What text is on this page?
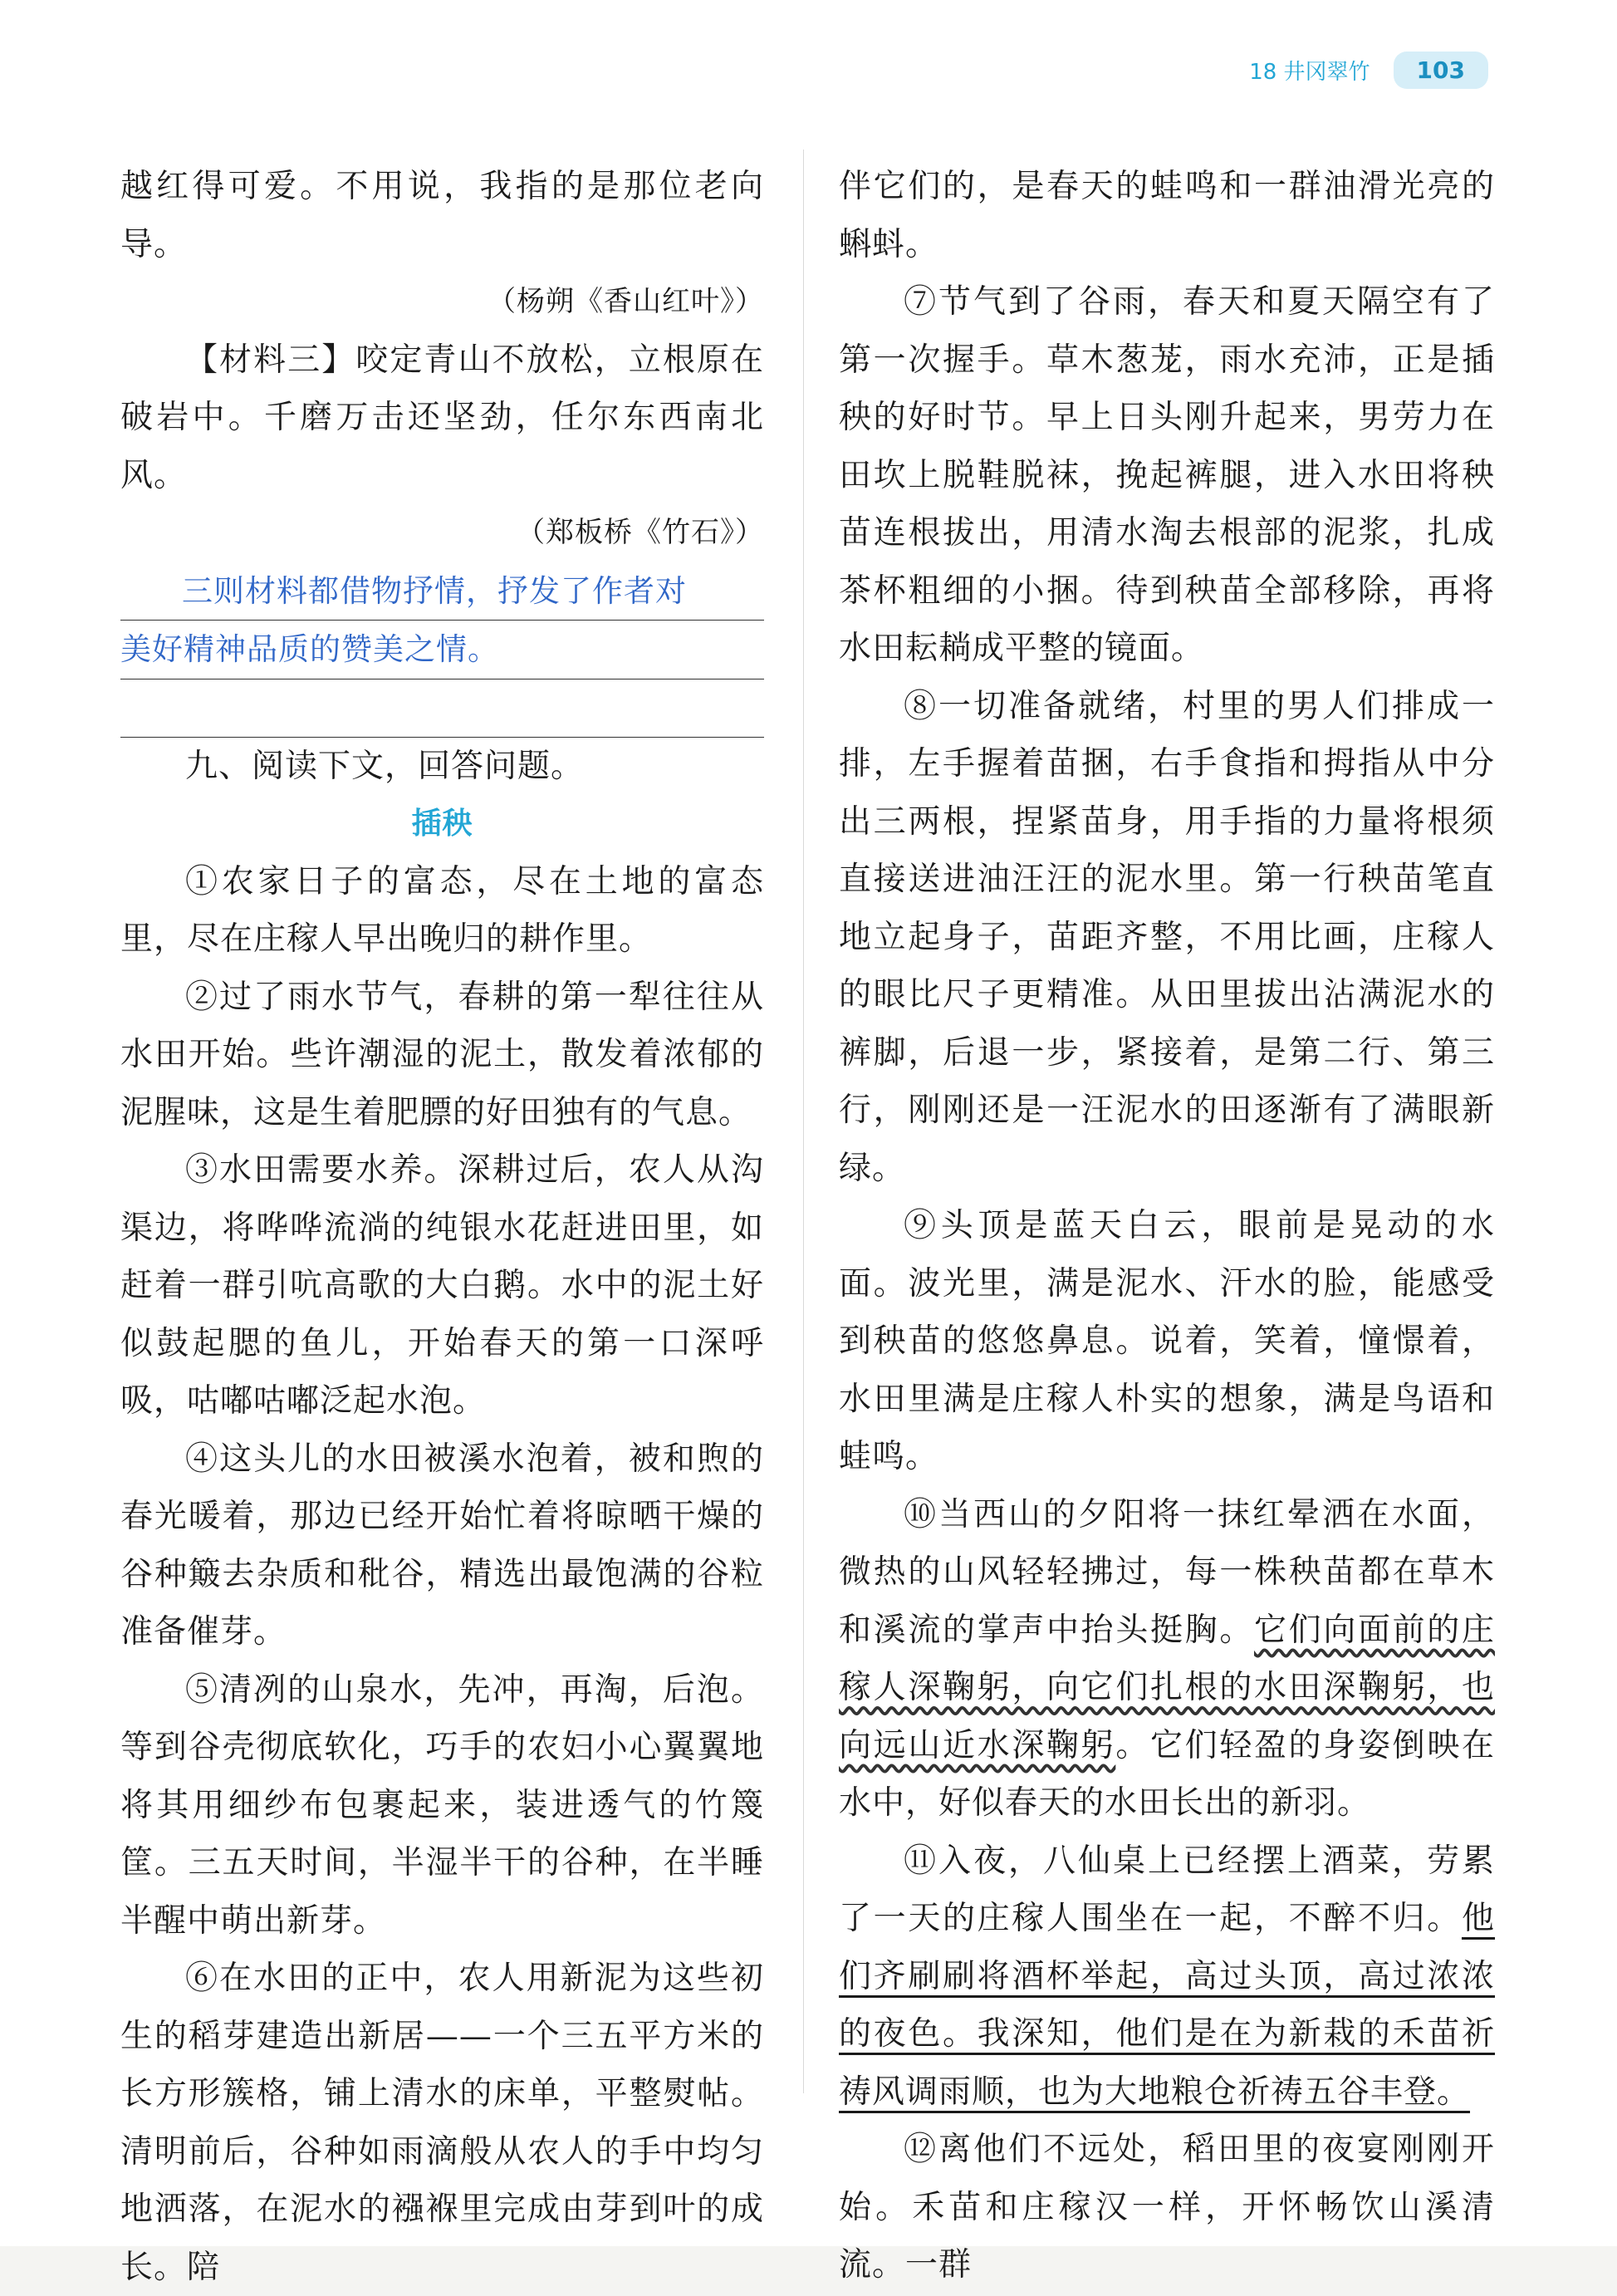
18 井冈翠竹	103

越红得可爱。不用说，我指的是那位老向导。

（杨朔《香山红叶》）

【材料三】咬定青山不放松，立根原在破岩中。千磨万击还坚劲，任尔东西南北风。

（郑板桥《竹石》）

三则材料都借物抒情，抒发了作者对

美好精神品质的赞美之情。

九、阅读下文，回答问题。

插秧

①农家日子的富态，尽在土地的富态里，尽在庄稼人早出晚归的耕作里。

②过了雨水节气，春耕的第一犁往往从水田开始。些许潮湿的泥土，散发着浓郁的泥腥味，这是生着肥膘的好田独有的气息。

③水田需要水养。深耕过后，农人从沟渠边，将哗哗流淌的纯银水花赶进田里，如赶着一群引吭高歌的大白鹅。水中的泥土好似鼓起腮的鱼儿，开始春天的第一口深呼吸，咕嘟咕嘟泛起水泡。

④这头儿的水田被溪水泡着，被和煦的春光暖着，那边已经开始忙着将晾晒干燥的谷种簸去杂质和秕谷，精选出最饱满的谷粒准备催芽。

⑤清冽的山泉水，先冲，再淘，后泡。等到谷壳彻底软化，巧手的农妇小心翼翼地将其用细纱布包裹起来，装进透气的竹篾筐。三五天时间，半湿半干的谷种，在半睡半醒中萌出新芽。

⑥在水田的正中，农人用新泥为这些初生的稻芽建造出新居——一个三五平方米的长方形簇格，铺上清水的床单，平整熨帖。清明前后，谷种如雨滴般从农人的手中均匀地洒落，在泥水的襁褓里完成由芽到叶的成长。陪

伴它们的，是春天的蛙鸣和一群油滑光亮的蝌蚪。

⑦节气到了谷雨，春天和夏天隔空有了第一次握手。草木葱茏，雨水充沛，正是插秧的好时节。早上日头刚升起来，男劳力在田坎上脱鞋脱袜，挽起裤腿，进入水田将秧苗连根拔出，用清水淘去根部的泥浆，扎成茶杯粗细的小捆。待到秧苗全部移除，再将水田耘耥成平整的镜面。

⑧一切准备就绪，村里的男人们排成一排，左手握着苗捆，右手食指和拇指从中分出三两根，捏紧苗身，用手指的力量将根须直接送进油汪汪的泥水里。第一行秧苗笔直地立起身子，苗距齐整，不用比画，庄稼人的眼比尺子更精准。从田里拔出沾满泥水的裤脚，后退一步，紧接着，是第二行、第三行，刚刚还是一汪泥水的田逐渐有了满眼新绿。

⑨头顶是蓝天白云，眼前是晃动的水面。波光里，满是泥水、汗水的脸，能感受到秧苗的悠悠鼻息。说着，笑着，憧憬着，水田里满是庄稼人朴实的想象，满是鸟语和蛙鸣。

⑩当西山的夕阳将一抹红晕洒在水面，微热的山风轻轻拂过，每一株秧苗都在草木和溪流的掌声中抬头挺胸。它们向面前的庄稼人深鞠躬，向它们扎根的水田深鞠躬，也向远山近水深鞠躬。它们轻盈的身姿倒映在水中，好似春天的水田长出的新羽。

⑪入夜，八仙桌上已经摆上酒菜，劳累了一天的庄稼人围坐在一起，不醉不归。他们齐刷刷将酒杯举起，高过头顶，高过浓浓的夜色。我深知，他们是在为新栽的禾苗祈祷风调雨顺，也为大地粮仓祈祷五谷丰登。

⑫离他们不远处，稻田里的夜宴刚刚开始。禾苗和庄稼汉一样，开怀畅饮山溪清流。一群
